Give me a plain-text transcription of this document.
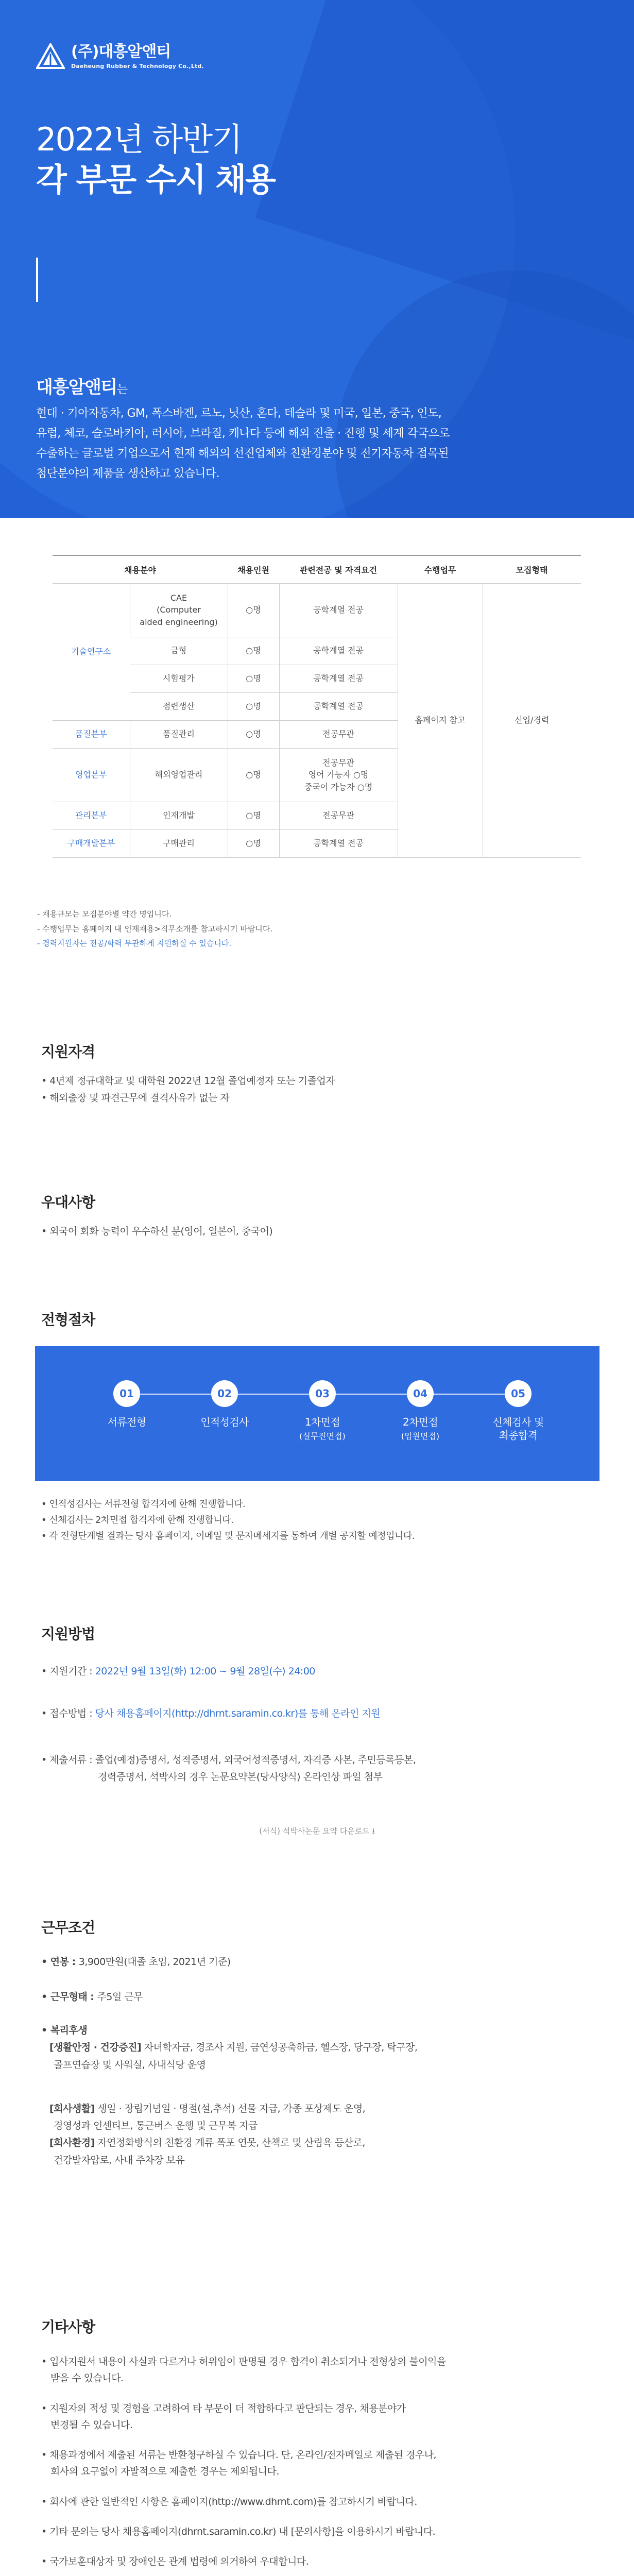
(주)대흥알앤티
Daeheung Rubber & Technology Co.,Ltd.
2022년 하반기
각 부문 수시 채용
대흥알앤티는
현대 · 기아자동차, GM, 폭스바겐, 르노, 닛산, 혼다, 테슬라 및 미국, 일본, 중국, 인도,
유럽, 체코, 슬로바키아, 러시아, 브라질, 캐나다 등에 해외 진출 · 진행 및 세계 각국으로
수출하는 글로벌 기업으로서 현재 해외의 선진업체와 친환경분야 및 전기자동차 접목된
첨단분야의 제품을 생산하고 있습니다.
채용분야		채용인원	관련전공 및 자격요건	수행업무	모집형태
기술연구소	CAE
(Computer
aided engineering)	○명	공학계열 전공	홈페이지 참고	신입/경력
	금형	○명	공학계열 전공		
	시험평가	○명	공학계열 전공		
	점련생산	○명	공학계열 전공		
품질본부	품질관리	○명	전공무관		
영업본부	해외영업관리	○명	전공무관
영어 가능자 ○명
중국어 가능자 ○명		
관리본부	인재개발	○명	전공무관		
구매개발본부	구매관리	○명	공학계열 전공		
- 채용규모는 모집분야별 약간 명입니다.
- 수행업무는 홈페이지 내 인재채용>직무소개를 참고하시기 바랍니다.
- 경력지원자는 전공/학력 무관하게 지원하실 수 있습니다.
지원자격
• 4년제 정규대학교 및 대학원 2022년 12월 졸업예정자 또는 기졸업자
• 해외출장 및 파견근무에 결격사유가 없는 자
우대사항
• 외국어 회화 능력이 우수하신 분(영어, 일본어, 중국어)
전형절차
01
서류전형
02
인적성검사
03
1차면접
(실무진면접)
04
2차면접
(임원면접)
05
신체검사 및
최종합격
• 인적성검사는 서류전형 합격자에 한해 진행합니다.
• 신체검사는 2차면접 합격자에 한해 진행합니다.
• 각 전형단계별 결과는 당사 홈페이지, 이메일 및 문자메세지를 통하여 개별 공지할 예정입니다.
지원방법
• 지원기간 : 2022년 9월 13일(화) 12:00 ~ 9월 28일(수) 24:00
• 접수방법 : 당사 채용홈페이지(http://dhrnt.saramin.co.kr)를 통해 온라인 지원
• 제출서류 : 졸업(예정)증명서, 성적증명서, 외국어성적증명서, 자격증 사본, 주민등록등본,
경력증명서, 석박사의 경우 논문요약본(당사양식) 온라인상 파일 첨부
(서식) 석박사논문 요약 다운로드 ⭳
근무조건
• 연봉 : 3,900만원(대졸 초임, 2021년 기준)
• 근무형태 : 주5일 근무
• 복리후생
[생활안정 · 건강증진] 자녀학자금, 경조사 지원, 금연성공축하금, 헬스장, 당구장, 탁구장,
골프연습장 및 사워실, 사내식당 운영
[회사생활] 생일 · 장립기념일 · 명절(설,추석) 선물 지급, 각종 포상제도 운영,
경영성과 인센티브, 통근버스 운행 및 근무복 지급
[회사환경] 자연정화방식의 친환경 계류 폭포 연못, 산책로 및 산림욕 등산로,
건강발자압로, 사내 주차장 보유
기타사항
• 입사지원서 내용이 사실과 다르거나 허위임이 판명될 경우 합격이 취소되거나 전형상의 불이익을
받을 수 있습니다.
• 지원자의 적성 및 경험을 고려하여 타 부문이 더 적합하다고 판단되는 경우, 채용분야가
변경될 수 있습니다.
• 채용과정에서 제출된 서류는 반환청구하실 수 있습니다. 단, 온라인/전자메일로 제출된 경우나,
회사의 요구없이 자발적으로 제출한 경우는 제외됩니다.
• 회사에 관한 일반적인 사항은 홈페이지(http://www.dhrnt.com)를 참고하시기 바랍니다.
• 기타 문의는 당사 채용홈페이지(dhrnt.saramin.co.kr) 내 [문의사항]을 이용하시기 바랍니다.
• 국가보훈대상자 및 장애인은 관계 법령에 의거하여 우대합니다.
